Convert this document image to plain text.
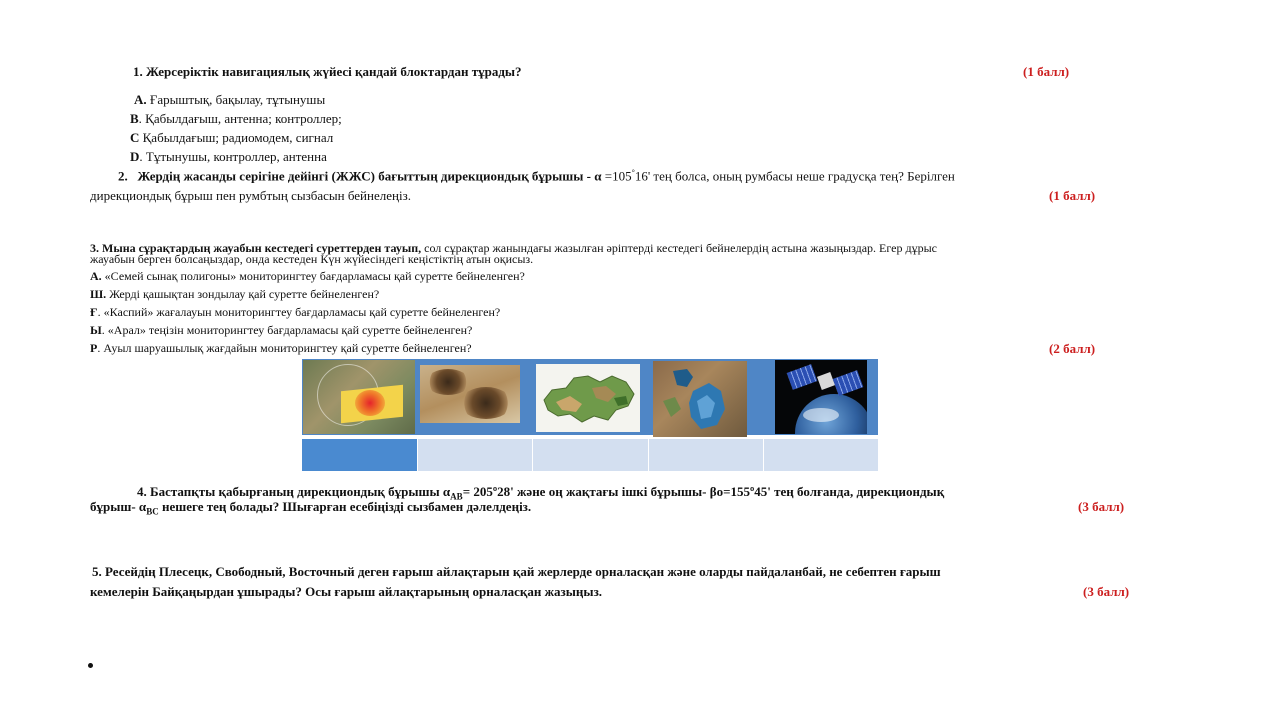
1. Жерсеріктік навигациялық жүйесі қандай блоктардан тұрады?	(1 балл)
А. Ғарыштық, бақылау, тұтынушы
В. Қабылдағыш, антенна; контроллер;
С Қабылдағыш; радиомодем, сигнал
D. Тұтынушы, контроллер, антенна
2. Жердің жасанды серігіне дейінгі (ЖЖС) бағыттың дирекциондық бұрышы - α =105°16' тең болса, оның румбасы неше градусқа тең? Берілген
дирекциондық бұрыш пен румбтың сызбасын бейнелеңіз.	(1 балл)
3. Мына сұрақтардың жауабын кестедегі суреттерден тауып, сол сұрақтар жанындағы жазылған әріптерді кестедегі бейнелердің астына жазыңыздар. Егер дұрыс
жауабын берген болсаңыздар, онда кестеден Күн жүйесіндегі кеңістіктің атын оқисыз.
А. «Семей сынақ полигоны» мониторингтеу бағдарламасы қай суретте бейнеленген?
Ш. Жерді қашықтан зондылау қай суретте бейнеленген?
Ғ. «Каспий» жағалауын мониторингтеу бағдарламасы қай суретте бейнеленген?
Ы. «Арал» теңізін мониторингтеу бағдарламасы қай суретте бейнеленген?
Р. Ауыл шаруашылық жағдайын мониторингтеу қай суретте бейнеленген?	(2 балл)
4. Бастапқты қабырғаның дирекциондық бұрышы $\alpha_{AB}=$ 205º28' және оң жақтағы ішкі бұрышы- βо=155º45' тең болғанда, дирекциондық
бұрыш- $\alpha_{BC}$ нешеге тең болады? Шығарған есебіңізді сызбамен дәлелдеңіз.	(3 балл)
5. Ресейдің Плесецк, Свободный, Восточный деген ғарыш айлақтарын қай жерлерде орналасқан және оларды пайдаланбай, не себептен ғарыш
кемелерін Байқаңырдан ұшырады? Осы ғарыш айлақтарының орналасқан жазыңыз.	(3 балл)
